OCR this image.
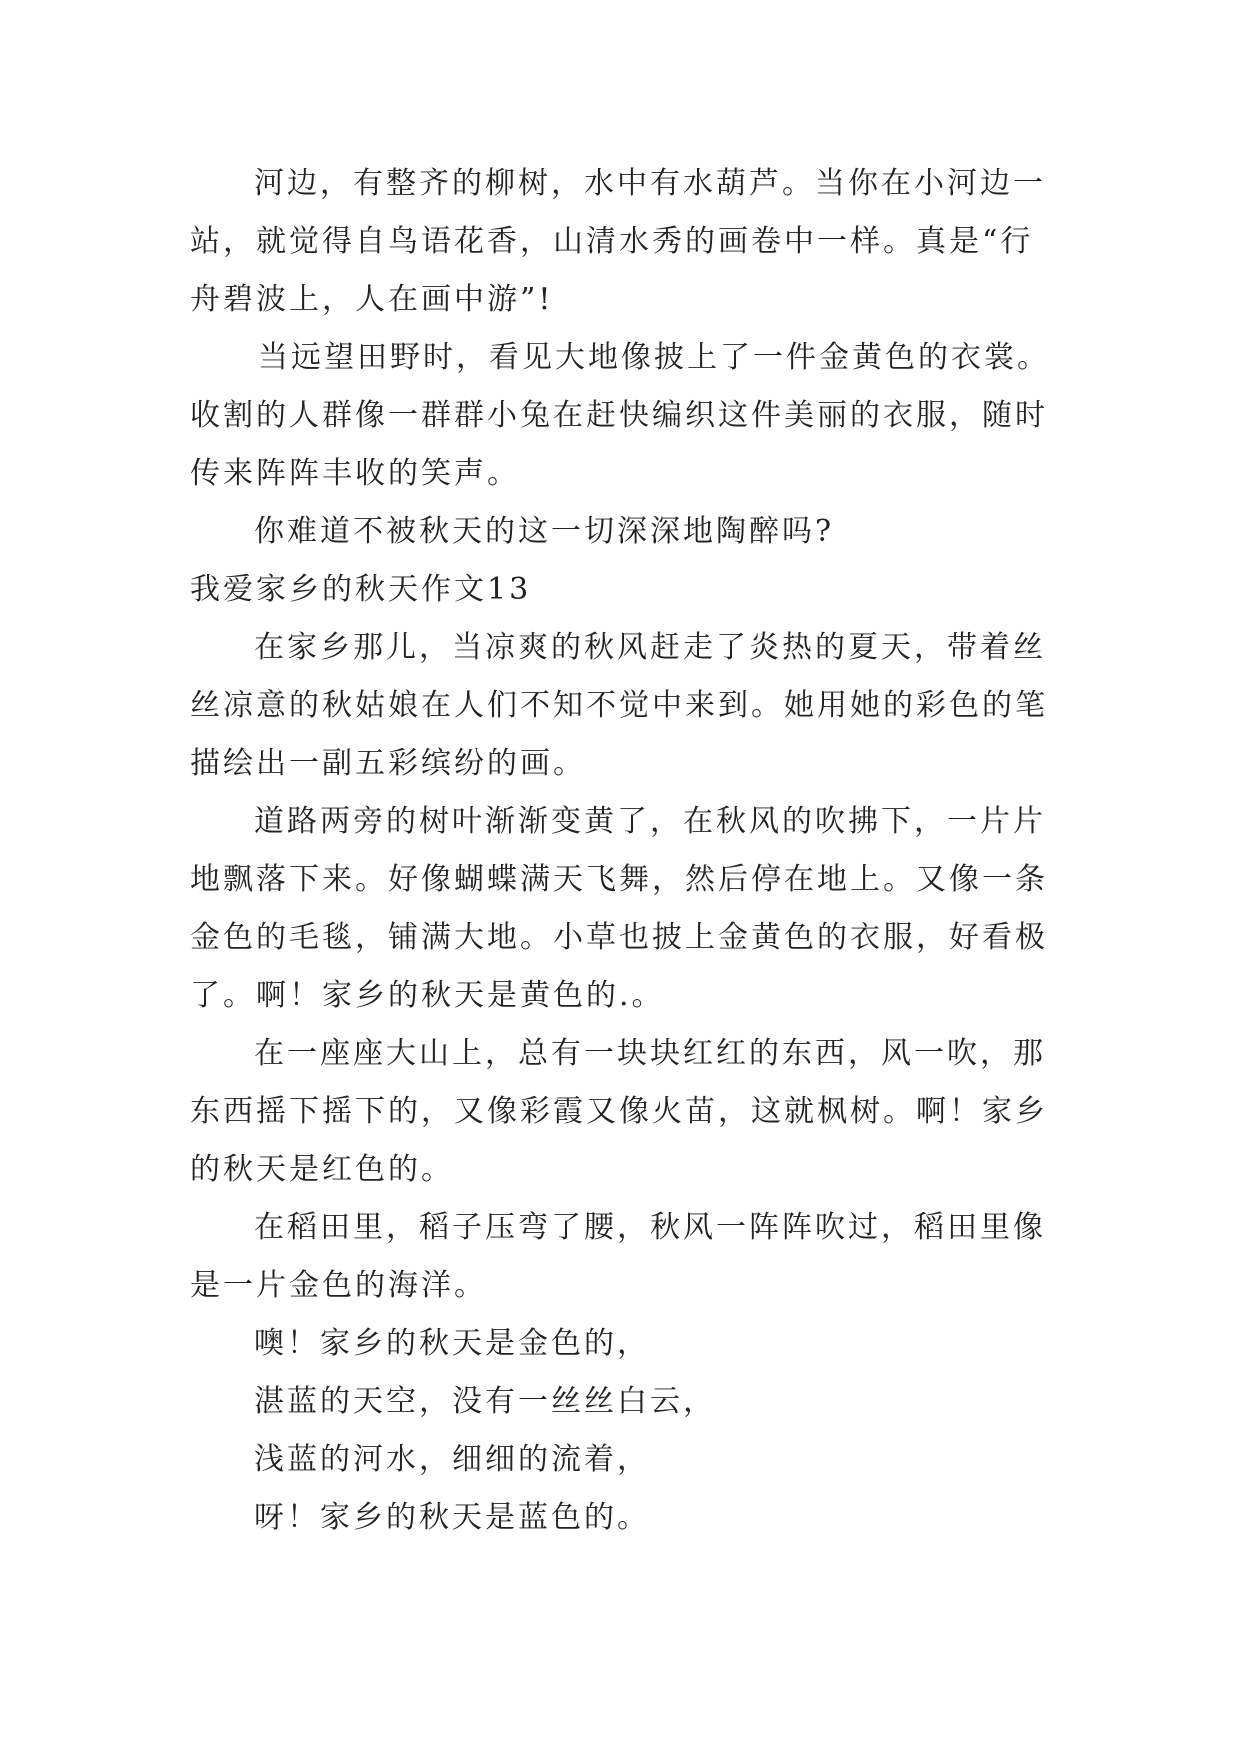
河边，有整齐的柳树，水中有水葫芦。当你在小河边一
站，就觉得自鸟语花香，山清水秀的画卷中一样。真是“行
舟碧波上，人在画中游”!
当远望田野时，看见大地像披上了一件金黄色的衣裳。
收割的人群像一群群小兔在赶快编织这件美丽的衣服，随时
传来阵阵丰收的笑声。
你难道不被秋天的这一切深深地陶醉吗?
我爱家乡的秋天作文13
在家乡那儿，当凉爽的秋风赶走了炎热的夏天，带着丝
丝凉意的秋姑娘在人们不知不觉中来到。她用她的彩色的笔
描绘出一副五彩缤纷的画。
道路两旁的树叶渐渐变黄了，在秋风的吹拂下，一片片
地飘落下来。好像蝴蝶满天飞舞，然后停在地上。又像一条
金色的毛毯，铺满大地。小草也披上金黄色的衣服，好看极
了。啊！家乡的秋天是黄色的.。
在一座座大山上，总有一块块红红的东西，风一吹，那
东西摇下摇下的，又像彩霞又像火苗，这就枫树。啊！家乡
的秋天是红色的。
在稻田里，稻子压弯了腰，秋风一阵阵吹过，稻田里像
是一片金色的海洋。
噢！家乡的秋天是金色的，
湛蓝的天空，没有一丝丝白云，
浅蓝的河水，细细的流着，
呀！家乡的秋天是蓝色的。
